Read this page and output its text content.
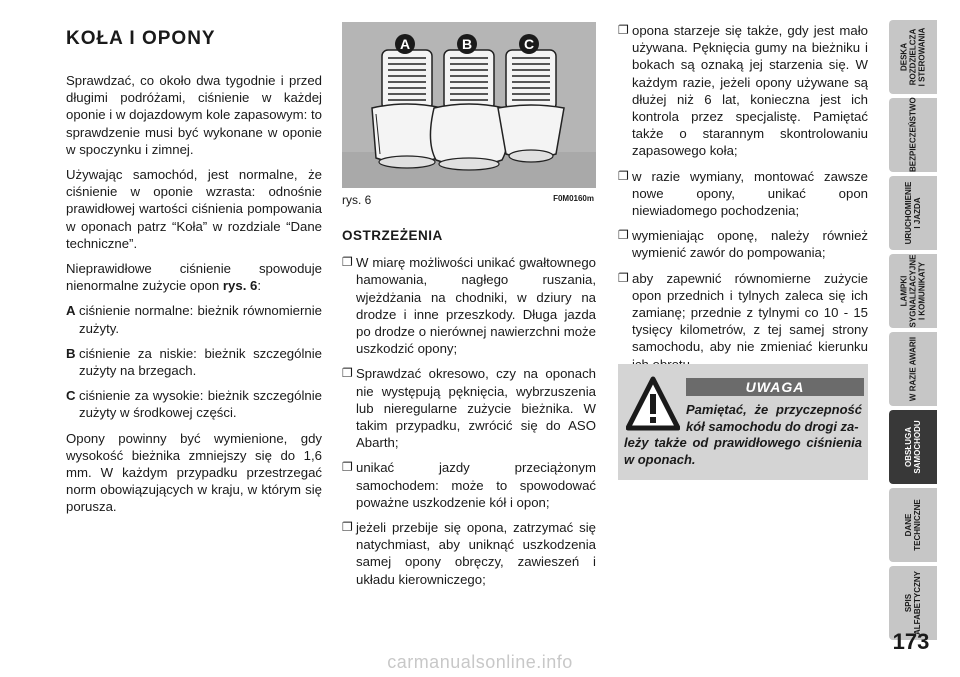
KOŁA I OPONY

Sprawdzać, co około dwa tygodnie i przed długimi podróżami, ciśnienie w każdej oponie i w dojazdowym kole zapasowym: to sprawdzenie musi być wykonane w oponie w spoczynku i zimnej.

Używając samochód, jest normalne, że ciśnienie w oponie wzrasta: odnośnie prawidłowej wartości ciśnienia pompowania w oponach patrz “Koła” w rozdziale “Dane techniczne”.

Nieprawidłowe ciśnienie spowoduje nienormalne zużycie opon rys. 6:

A ciśnienie normalne: bieżnik równomiernie zużyty.
B ciśnienie za niskie: bieżnik szczególnie zużyty na brzegach.
C ciśnienie za wysokie: bieżnik szczególnie zużyty w środkowej części.

Opony powinny być wymienione, gdy wysokość bieżnika zmniejszy się do 1,6 mm. W każdym przypadku przestrzegać norm obowiązujących w kraju, w którym się porusza.

A	B	C
rys. 6	F0M0160m
OSTRZEŻENIA
❐ W miarę możliwości unikać gwałtownego hamowania, nagłego ruszania, wjeżdżania na chodniki, w dziury na drodze i inne przeszkody. Długa jazda po drodze o nierównej nawierzchni może uszkodzić opony;
❐ Sprawdzać okresowo, czy na oponach nie występują pęknięcia, wybrzuszenia lub nieregularne zużycie bieżnika. W takim przypadku, zwrócić się do ASO Abarth;
❐ unikać jazdy przeciążonym samochodem: może to spowodować poważne uszkodzenie kół i opon;
❐ jeżeli przebije się opona, zatrzymać się natychmiast, aby uniknąć uszkodzenia samej opony obręczy, zawieszeń i układu kierowniczego;
❐ opona starzeje się także, gdy jest mało używana. Pęknięcia gumy na bieżniku i bokach są oznaką jej starzenia się. W każdym razie, jeżeli opony używane są dłużej niż 6 lat, konieczna jest ich kontrola przez specjalistę. Pamiętać także o starannym skontrolowaniu zapasowego koła;
❐ w razie wymiany, montować zawsze nowe opony, unikać opon niewiadomego pochodzenia;
❐ wymieniając oponę, należy również wymienić zawór do pompowania;
❐ aby zapewnić równomierne zużycie opon przednich i tylnych zaleca się ich zamianę; przednie z tylnymi co 10 - 15 tysięcy kilometrów, z tej samej strony samochodu, aby nie zmieniać kierunku
UWAGA
Pamiętać, że przyczepność kół samochodu do drogi za-
leży także od prawidłowego ciśnienia w oponach.
DESKA
ROZDZIELCZA
I STEROWANIA
BEZPIECZEŃSTWO
URUCHOMIENIE
I JAZDA
LAMPKI
SYGNALIZACYJNE
I KOMUNIKATY
W RAZIE AWARII
OBSŁUGA
SAMOCHODU
DANE
TECHNICZNE
SPIS
ALFABETYCZNY
173
carmanualsonline.info
